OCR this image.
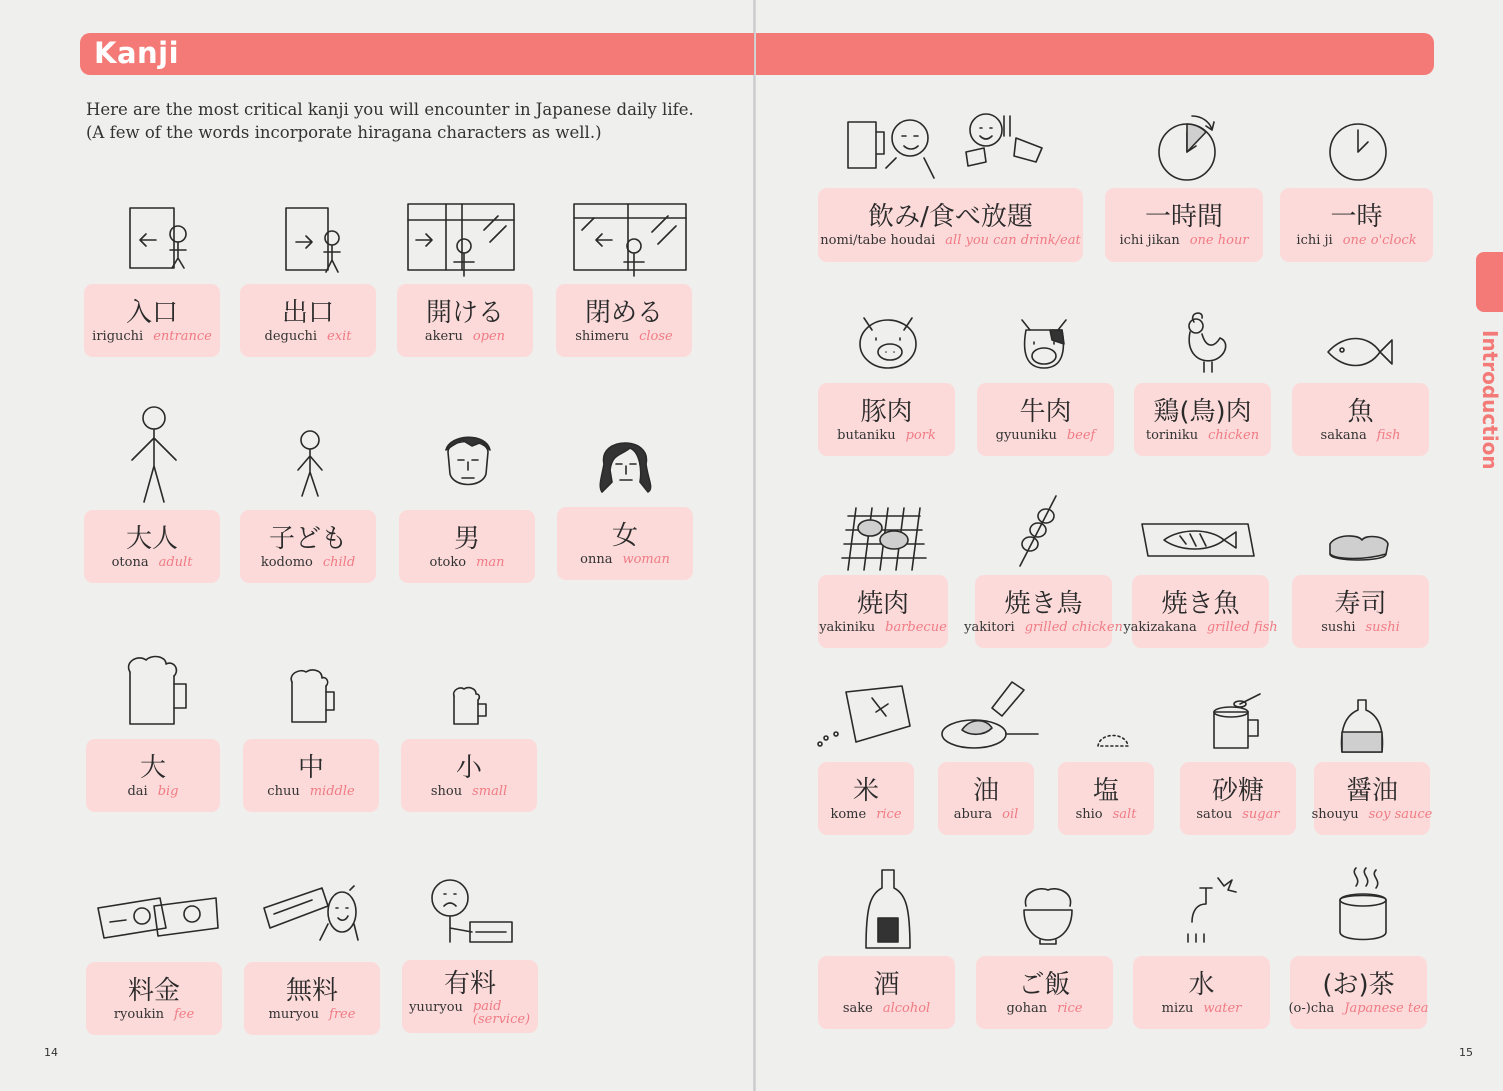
Kanji
Here are the most critical kanji you will encounter in Japanese daily life.
(A few of the words incorporate hiragana characters as well.)
Introduction
14	15
入口
iriguchi entrance
出口
deguchi exit
開ける
akeru open
閉める
shimeru close
大人
otona adult
子ども
kodomo child
男
otoko man
女
onna woman
大
dai big
中
chuu middle
小
shou small
料金
ryoukin fee
無料
muryou free
有料
yuuryou paid (service)
飲み/食べ放題
nomi/tabe houdai all you can drink/eat
一時間
ichi jikan one hour
一時
ichi ji one o'clock
豚肉
butaniku pork
牛肉
gyuuniku beef
鶏(鳥)肉
toriniku chicken
魚
sakana fish
焼肉
yakiniku barbecue
焼き鳥
yakitori grilled chicken
焼き魚
yakizakana grilled fish
寿司
sushi sushi
米
kome rice
油
abura oil
塩
shio salt
砂糖
satou sugar
醤油
shouyu soy sauce
酒
sake alcohol
ご飯
gohan rice
水
mizu water
(お)茶
(o-)cha Japanese tea
